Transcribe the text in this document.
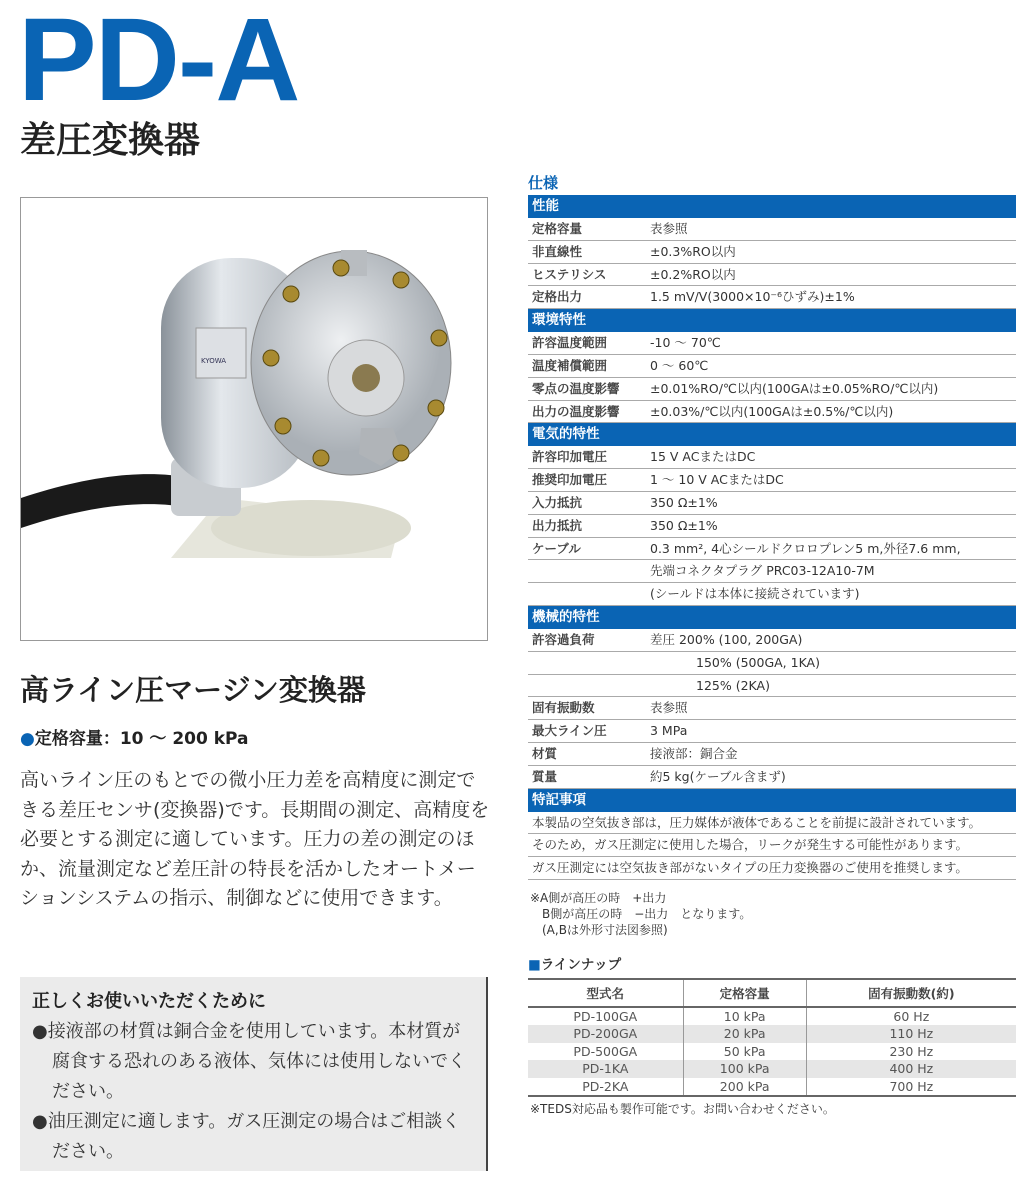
PD-A
差圧変換器
KYOWA
高ライン圧マージン変換器
●定格容量：10 ～ 200 kPa
高いライン圧のもとでの微小圧力差を高精度に測定できる差圧センサ(変換器)です。長期間の測定、高精度を必要とする測定に適しています。圧力の差の測定のほか、流量測定など差圧計の特長を活かしたオートメーションシステムの指示、制御などに使用できます。
正しくお使いいただくために

●接液部の材質は銅合金を使用しています。本材質が腐食する恐れのある液体、気体には使用しないでください。

●油圧測定に適します。ガス圧測定の場合はご相談ください。

仕様
性能
定格容量	表参照
非直線性	±0.3%RO以内
ヒステリシス	±0.2%RO以内
定格出力	1.5 mV/V(3000×10⁻⁶ひずみ)±1%
環境特性
許容温度範囲	-10 ～ 70℃
温度補償範囲	0 ～ 60℃
零点の温度影響	±0.01%RO/℃以内(100GAは±0.05%RO/℃以内)
出力の温度影響	±0.03%/℃以内(100GAは±0.5%/℃以内)
電気的特性
許容印加電圧	15 V ACまたはDC
推奨印加電圧	1 ～ 10 V ACまたはDC
入力抵抗	350 Ω±1%
出力抵抗	350 Ω±1%
ケーブル	0.3 mm², 4心シールドクロロプレン5 m,外径7.6 mm,
先端コネクタプラグ PRC03-12A10-7M
(シールドは本体に接続されています)
機械的特性
許容過負荷	差圧 200% (100, 200GA)
150% (500GA, 1KA)
125% (2KA)
固有振動数	表参照
最大ライン圧	3 MPa
材質	接液部：銅合金
質量	約5 kg(ケーブル含まず)
特記事項
本製品の空気抜き部は，圧力媒体が液体であることを前提に設計されています。
そのため，ガス圧測定に使用した場合，リークが発生する可能性があります。
ガス圧測定には空気抜き部がないタイプの圧力変換器のご使用を推奨します。
※A側が高圧の時　+出力
　B側が高圧の時　−出力　となります。
　(A,Bは外形寸法図参照)
■ラインナップ
型式名	定格容量	固有振動数(約)
PD-100GA	10 kPa	60 Hz
PD-200GA	20 kPa	110 Hz
PD-500GA	50 kPa	230 Hz
PD-1KA	100 kPa	400 Hz
PD-2KA	200 kPa	700 Hz
※TEDS対応品も製作可能です。お問い合わせください。
